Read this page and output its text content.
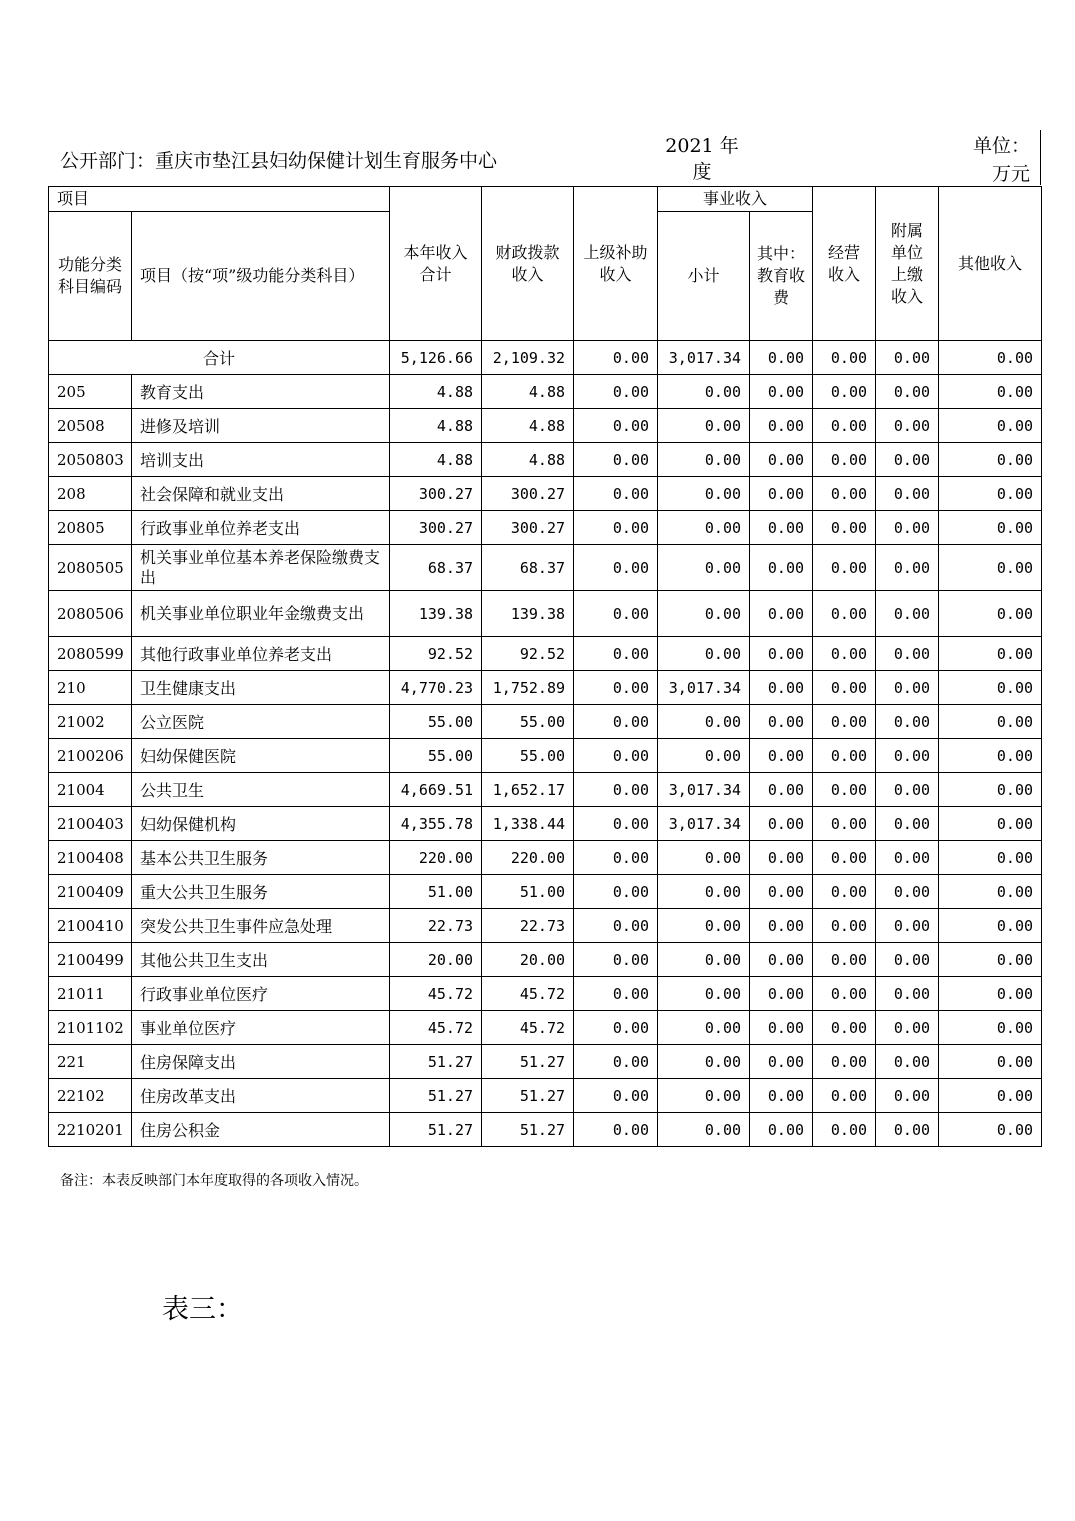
公开部门：重庆市垫江县妇幼保健计划生育服务中心
2021 年
度
单位：
万元
项目		本年收入合计	财政拨款收入	上级补助收入	事业收入		经营收入	附属单位上缴收入	其他收入
功能分类科目编码	项目（按“项”级功能分类科目）								
					小计	其中：教育收费			
合计		5,126.66	2,109.32	0.00	3,017.34	0.00	0.00	0.00	0.00
205	教育支出	4.88	4.88	0.00	0.00	0.00	0.00	0.00	0.00
20508	进修及培训	4.88	4.88	0.00	0.00	0.00	0.00	0.00	0.00
2050803	培训支出	4.88	4.88	0.00	0.00	0.00	0.00	0.00	0.00
208	社会保障和就业支出	300.27	300.27	0.00	0.00	0.00	0.00	0.00	0.00
20805	行政事业单位养老支出	300.27	300.27	0.00	0.00	0.00	0.00	0.00	0.00
2080505	机关事业单位基本养老保险缴费支出	68.37	68.37	0.00	0.00	0.00	0.00	0.00	0.00
2080506	机关事业单位职业年金缴费支出	139.38	139.38	0.00	0.00	0.00	0.00	0.00	0.00
2080599	其他行政事业单位养老支出	92.52	92.52	0.00	0.00	0.00	0.00	0.00	0.00
210	卫生健康支出	4,770.23	1,752.89	0.00	3,017.34	0.00	0.00	0.00	0.00
21002	公立医院	55.00	55.00	0.00	0.00	0.00	0.00	0.00	0.00
2100206	妇幼保健医院	55.00	55.00	0.00	0.00	0.00	0.00	0.00	0.00
21004	公共卫生	4,669.51	1,652.17	0.00	3,017.34	0.00	0.00	0.00	0.00
2100403	妇幼保健机构	4,355.78	1,338.44	0.00	3,017.34	0.00	0.00	0.00	0.00
2100408	基本公共卫生服务	220.00	220.00	0.00	0.00	0.00	0.00	0.00	0.00
2100409	重大公共卫生服务	51.00	51.00	0.00	0.00	0.00	0.00	0.00	0.00
2100410	突发公共卫生事件应急处理	22.73	22.73	0.00	0.00	0.00	0.00	0.00	0.00
2100499	其他公共卫生支出	20.00	20.00	0.00	0.00	0.00	0.00	0.00	0.00
21011	行政事业单位医疗	45.72	45.72	0.00	0.00	0.00	0.00	0.00	0.00
2101102	事业单位医疗	45.72	45.72	0.00	0.00	0.00	0.00	0.00	0.00
221	住房保障支出	51.27	51.27	0.00	0.00	0.00	0.00	0.00	0.00
22102	住房改革支出	51.27	51.27	0.00	0.00	0.00	0.00	0.00	0.00
2210201	住房公积金	51.27	51.27	0.00	0.00	0.00	0.00	0.00	0.00
备注：本表反映部门本年度取得的各项收入情况。
表三：
